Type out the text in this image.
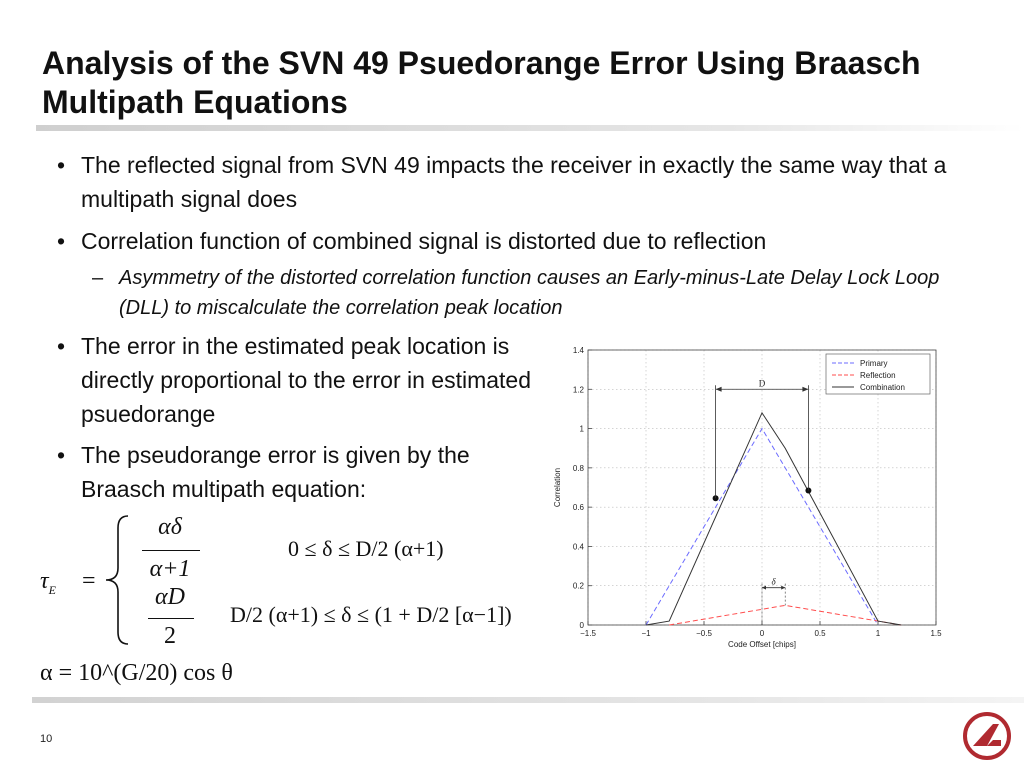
Analysis of the SVN 49 Psuedorange Error Using Braasch Multipath Equations
• The reflected signal from SVN 49 impacts the receiver in exactly the same way that a multipath signal does
• Correlation function of combined signal is distorted due to reflection
– Asymmetry of the distorted correlation function causes an Early-minus-Late Delay Lock Loop (DLL) to miscalculate the correlation peak location
• The error in the estimated peak location is directly proportional to the error in estimated psuedorange
• The pseudorange error is given by the Braasch multipath equation:
$\tau_E$ =
αδ
α+1
αD
2
0 ≤ δ ≤ D/2 (α+1)
D/2 (α+1) ≤ δ ≤ (1 + D/2 [α−1])
α = 10^(G/20) cos θ
−1.5	−1	−0.5	0	0.5	1	1.5
0
0.2
0.4
0.6
0.8
1
1.2
1.4
Code Offset [chips]
Correlation
D
δ
Primary
Reflection
Combination
10
